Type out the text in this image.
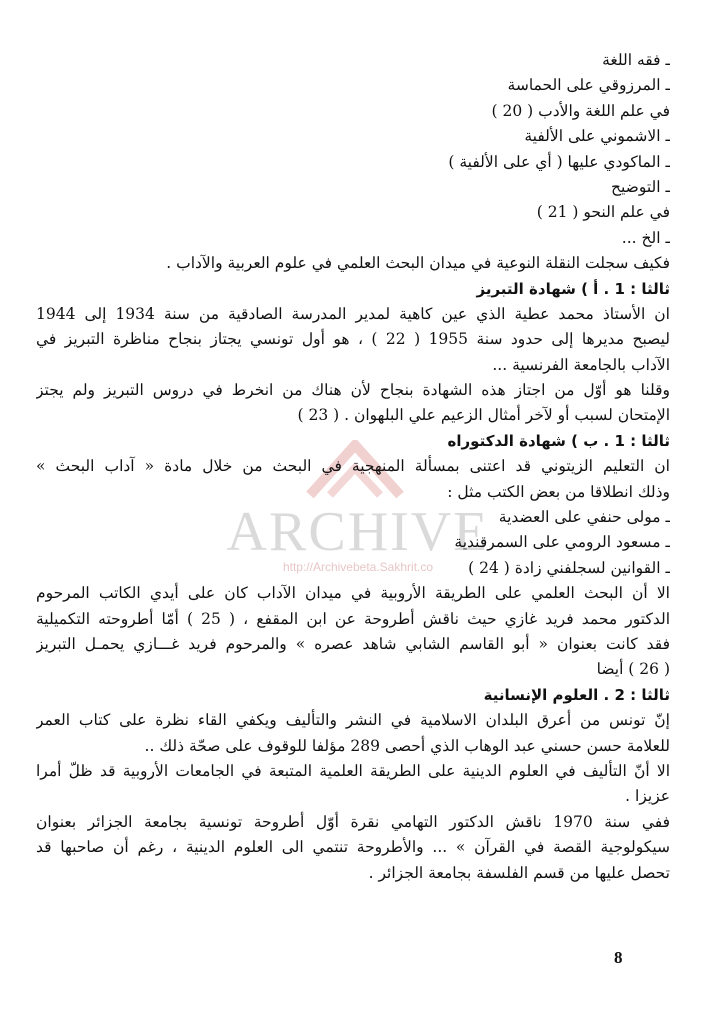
ARCHIVE
http://Archivebeta.Sakhrit.co
ـ فقه اللغة
ـ المرزوقي على الحماسة
في علم اللغة والأدب ( 20 )
ـ الاشموني على الألفية
ـ الماكودي عليها ( أي على الألفية )
ـ التوضيح
في علم النحو ( 21 )
ـ الخ ...
فكيف سجلت النقلة النوعية في ميدان البحث العلمي في علوم العربية والآداب .
ثالثا : 1 . أ ) شهادة التبريز
ان الأستاذ محمد عطية الذي عين كاهية لمدير المدرسة الصادقية من سنة 1934 إلى 1944
ليصبح مديرها إلى حدود سنة 1955 ( 22 ) ، هو أول تونسي يجتاز بنجاح مناظرة التبريز في
الآداب بالجامعة الفرنسية ...
وقلنا هو أوّل من اجتاز هذه الشهادة بنجاح لأن هناك من انخرط في دروس التبريز ولم يجتز
الإمتحان لسبب أو لآخر أمثال الزعيم علي البلهوان . ( 23 )
ثالثا : 1 . ب ) شهادة الدكتوراه
ان التعليم الزيتوني قد اعتنى بمسألة المنهجية في البحث من خلال مادة « آداب البحث »
وذلك انطلاقا من بعض الكتب مثل :
ـ مولى حنفي على العضدية
ـ مسعود الرومي على السمرقندية
ـ القوانين لسجلفني زادة ( 24 )
الا أن البحث العلمي على الطريقة الأروبية في ميدان الآداب كان على أيدي الكاتب المرحوم
الدكتور محمد فريد غازي حيث ناقش أطروحة عن ابن المقفع ، ( 25 ) أمّا أطروحته التكميلية
فقد كانت بعنوان « أبو القاسم الشابي شاهد عصره » والمرحوم فريد غـــازي يحمـل التبريز
( 26 ) أيضا
ثالثا : 2 . العلوم الإنسانية
إنّ تونس من أعرق البلدان الاسلامية في النشر والتأليف ويكفي القاء نظرة على كتاب العمر
للعلامة حسن حسني عبد الوهاب الذي أحصى 289 مؤلفا للوقوف على صحّة ذلك ..
الا أنّ التأليف في العلوم الدينية على الطريقة العلمية المتبعة في الجامعات الأروبية قد ظلّ أمرا
عزيزا .
ففي سنة 1970 ناقش الدكتور التهامي نقرة أوّل أطروحة تونسية بجامعة الجزائر بعنوان
سيكولوجية القصة في القرآن » ... والأطروحة تنتمي الى العلوم الدينية ، رغم أن صاحبها قد
تحصل عليها من قسم الفلسفة بجامعة الجزائر .
8
